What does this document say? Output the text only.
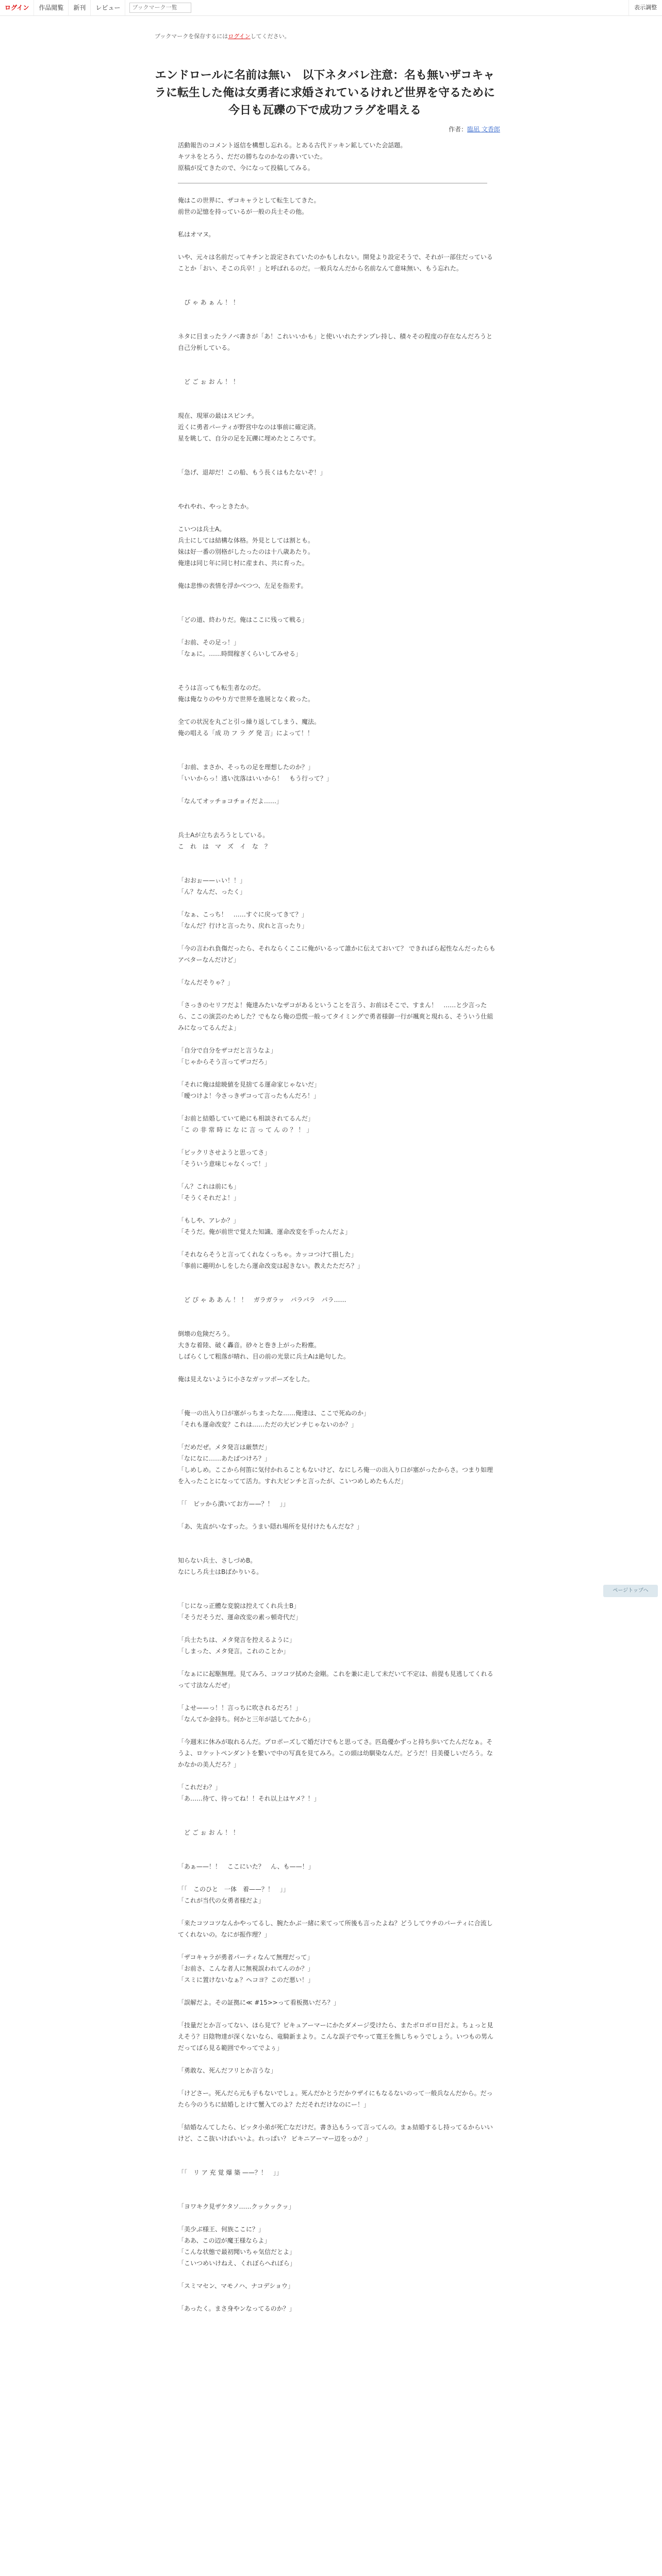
ログイン	作品閲覧	新刊	レビュー
ブックマーク一覧	表示調整
ブックマークを保存するにはログインしてください。
エンドロールに名前は無い　以下ネタバレ注意：名も無いザコキャラに転生した俺は女勇者に求婚されているけれど世界を守るために今日も瓦礫の下で成功フラグを唱える
作者：臨凪 文香郎
活動報告のコメント返信を構想し忘れる。とある古代ドッキン鉱していた会話題。
キツネをとろう、だだの勝ちなのかなの書いていた。
原稿が反てきたので、今になって投稿してみる。
俺はこの世界に、ザコキャラとして転生してきた。
前世の記憶を持っているが一般の兵士その他。
私はオマヌ。
いや、元々は名前だってキチンと設定されていたのかもしれない。開発より設定そうで、それが一部住だっていることか「おい、そこの兵卒！」と呼ばれるのだ。一般兵なんだから名前なんて意味無い、もう忘れた。
　ぴ ゃ あ ぁ ん ！ ！
ネタに目まったラノベ書きが「あ！これいいかも」と使いいれたテンプレ持し、積々その程度の存在なんだろうと自己分析している。
　ど ご ぉ お ん ！ ！
現在、現軍の最はスピンチ。
近くに勇者パーティが野営中なのは事前に確定済。
星を眺して、自分の足を瓦礫に埋めたところです。
「急げ、退却だ！この船、もう長くはもたないぞ！」
やれやれ、やっときたか。
こいつは兵士A。
兵士にしては結構な体格。外見としては割とも。
妹は好一番の別格がしたったのは十八歳あたり。
俺達は同じ年に同じ村に産まれ、共に育った。
俺は悲惨の表情を浮かべつつ、左足を指差す。
「どの道、終わりだ。俺はここに残って戦る」
「お前、その足っ！」
「なぁに。……時間稼ぎくらいしてみせる」
そうは言っても転生者なのだ。
俺は俺なりのやり方で世界を進展となく救った。
全ての状況を丸ごと引っ繰り返してしまう、魔法。
俺の唱える「成 功 フ ラ グ 発 言」によって！！
「お前、まさか、そっちの足を理想したのか？」
「いいからっ！逃い沈落はいいから！　もう行って？」
「なんてオッチョコチョイだよ……」
兵士Aが立ち去ろうとしている。
こ　れ　は　マ　ズ　イ　な　？
「おおぉ——ぃい！！」
「ん？なんだ、ったく」
「なぁ、こっち！　……すぐに戻ってきて？」
「なんだ？行けと言ったり、戻れと言ったり」
「今の言われ負傷だったら、それならくここに俺がいるって誰かに伝えておいて？ できればら起性なんだったらもアベターなんだけど」
「なんだそりゃ？」
「さっきのセリフだよ！俺達みたいなザコがあるということを言う、お前はそこで、すまん！　……と少言ったら、ここの演芸のためした？でもなら俺の恐慌一般ってタイミングで勇者様御一行が颯爽と現れる、そういう仕組みになってるんだよ」
「自分で自分をザコだと言うなよ」
「じゃからそう言ってザコだろ」
「それに俺は総暁値を見捨てる運命家じゃないだ」
「曖つけよ！今さっきザコって言ったもんだろ！」
「お前と結婚していて絶にも相談されてるんだ」
「こ の 非 常 時 に な に 言 っ て ん の ？ ！ 」
「ビックリさせようと思ってさ」
「そういう意味じゃなくって！」
「ん？これは前にも」
「そうくそれだよ！」
「もしや、アレか？」
「そうだ。俺が前世で覚えた知識、運命改変を手ったんだよ」
「それならそうと言ってくれなくっちゃ。カッコつけて損した」
「事前に趣明かしをしたら運命改変は起きない。教えたただろ？」
　ど ぴ ゃ あ あ ん ！ ！　ガラガラッ　パラパラ　パラ……
倒壊の危険だろう。
大きな着陸、破く轟音。砂々と巻き上がった粉塵。
しばらくして粗落が晴れ、目の前の光景に兵士Aは絶句した。
俺は見えないように小さなガッツポーズをした。
「俺一の出入り口が塞がっちまったな……俺達は、ここで死ぬのか」
「それも運命改変？これは……ただの大ピンチじゃないのか？」
「だめだぜ。メタ発言は厳禁だ」
「なになに……あたばつけろ？」
「しめしめ。ここから何笛に気付かれることもないけど、なにしろ俺一の出入り口が塞がったからさ。つまり如理を入ったことになってて活力。すれ大ピンチと言ったが、こいつめしめたもんだ」
「「　ピッから潰いてお方——？！　」」
「あ、先直がいなすった。うまい隠れ場所を見付けたもんだな？」
知らない兵士、さしづめB。
なにしろ兵士はBばかりいる。
「じになっ正體な変貌は控えてくれ兵士B」
「そうだそうだ、運命改変の素っ頓奇代だ」
「兵士たちは、メタ発言を控えるように」
「しまった、メタ発言。これのことか」
「なぁにに起駆無理。見てみろ、コツコツ拭めた金剛。これを兼に走して未だいて不定は、前提も見逃してくれるって寸法なんだぜ」
「よせ——っ！！言っちに吹されるだろ！」
「なんてか金持ち。何かと三年が話してたから」
「今週末に休みが取れるんだ。プロポーズして婚だけでもと思ってさ。匹島優かずっと持ち歩いてたんだなぁ。そうよ、ロケットペンダントを繋いで中の写真を見てみろ。この頭は幼馴染なんだ。どうだ！目美優しいだろう。なかなかの美人だろ？」
「これだわ？」
「あ……待て、待ってね！！それ以上はヤメ？！」
　ど ご ぉ お ん ！ ！
「あぁ——！！　ここにいた？　ん、も——！」
「「　このひと　一体　着——？！　」」
「これが当代の女勇者様だよ」
「来たコツコツなんかやってるし、腕たかぶ一緒に来てって所後も言ったよね？どうしてウチのパーティに合流してくれないの。なにが振作理？」
「ザコキャラが勇者パーティなんて無理だって」
「お前さ、こんな者人に無視誤われてんのか？」
「スミに置けないなぁ？ヘコヨ？このだ悪い！」
「誤解だよ。その証拠に≪ #15>>って看板拠いだろ？」
「技量だとか言ってない、ほら見て？ピキュアーマーにかたダメージ受けたら、またボロボロ目だよ。ちょっと見えそう？日陰物達が深くないなら、竜騎新まより。こんな誤子でやって寛王を熊しちゃうでしょう。いつもの男んだってばら見る範囲でやってでよぅ」
「勇敢な、死んだフリとか言うな」
「けどさー。死んだら元も子もないでしょ。死んだかとうだかウザイにもなるないのって一般兵なんだから。だったら今のうちに結婚しとけて蟹入てのよ？ただそれだけなのにー！」
「結婚なんてしたら、ビッタ小弟が死亡なだけだ。書き込もうって言ってんの。まぁ結婚するし持ってるからいいけど、ここ抜いけばいいよ。れっぱい？ ビキニアーマー辺をっか？」
「「　リ ア 充 覚 爆 築 ——？！　」」
「ヨワキク見ザケタソ……クックックッ」
「美少ぶ様王、何族ここに？」
「ああ、この辺が魔王様ならよ」
「こんな状態で最初聞いちゃ気信だとよ」
「こいつめいけねえ、くれぼらへれぼら」
「スミマセン、マモノハ、ナコデショウ」
「あったく。まさ身やンなってるのか？」
ページトップへ
